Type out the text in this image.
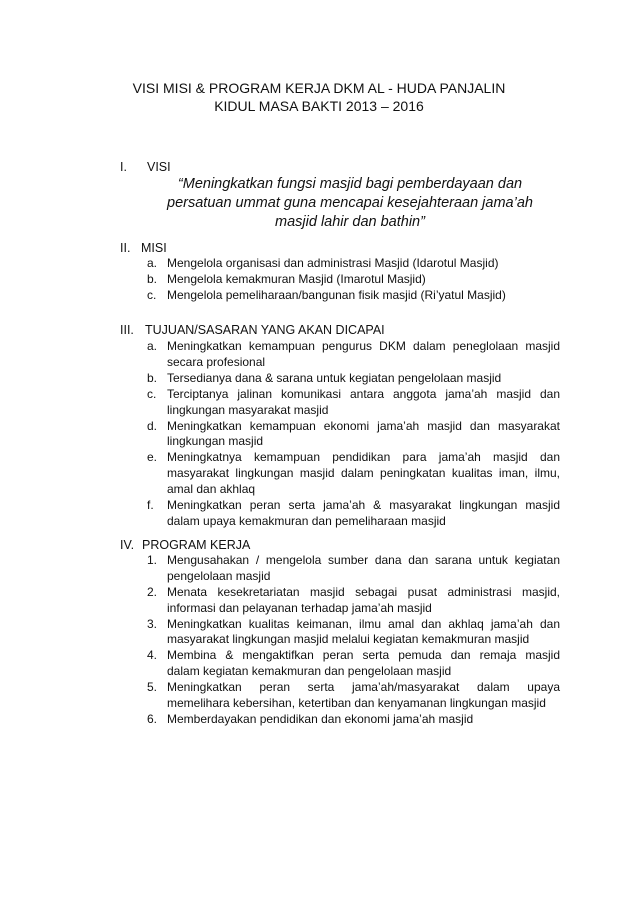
VISI MISI & PROGRAM KERJA DKM AL - HUDA PANJALIN
KIDUL MASA BAKTI 2013 – 2016
I. VISI
“Meningkatkan fungsi masjid bagi pemberdayaan dan
persatuan ummat guna mencapai kesejahteraan jama’ah
masjid lahir dan bathin”
II. MISI
a. Mengelola organisasi dan administrasi Masjid (Idarotul Masjid)
b. Mengelola kemakmuran Masjid (Imarotul Masjid)
c. Mengelola pemeliharaan/bangunan fisik masjid (Ri’yatul Masjid)
III. TUJUAN/SASARAN YANG AKAN DICAPAI
a. Meningkatkan kemampuan pengurus DKM dalam peneglolaan masjid
secara profesional
b. Tersedianya dana & sarana untuk kegiatan pengelolaan masjid
c. Terciptanya jalinan komunikasi antara anggota jama’ah masjid dan
lingkungan masyarakat masjid
d. Meningkatkan kemampuan ekonomi jama’ah masjid dan masyarakat
lingkungan masjid
e. Meningkatnya kemampuan pendidikan para jama’ah masjid dan
masyarakat lingkungan masjid dalam peningkatan kualitas iman, ilmu,
amal dan akhlaq
f.	Meningkatkan peran serta jama’ah & masyarakat lingkungan masjid
dalam upaya kemakmuran dan pemeliharaan masjid
IV. PROGRAM KERJA
1. Mengusahakan / mengelola sumber dana dan sarana untuk kegiatan
pengelolaan masjid
2. Menata kesekretariatan masjid sebagai pusat administrasi masjid,
informasi dan pelayanan terhadap jama’ah masjid
3. Meningkatkan kualitas keimanan, ilmu amal dan akhlaq jama’ah dan
masyarakat lingkungan masjid melalui kegiatan kemakmuran masjid
4. Membina & mengaktifkan peran serta pemuda dan remaja masjid
dalam kegiatan kemakmuran dan pengelolaan masjid
5. Meningkatkan peran serta jama’ah/masyarakat dalam upaya
memelihara kebersihan, ketertiban dan kenyamanan lingkungan masjid
6. Memberdayakan pendidikan dan ekonomi jama’ah masjid
